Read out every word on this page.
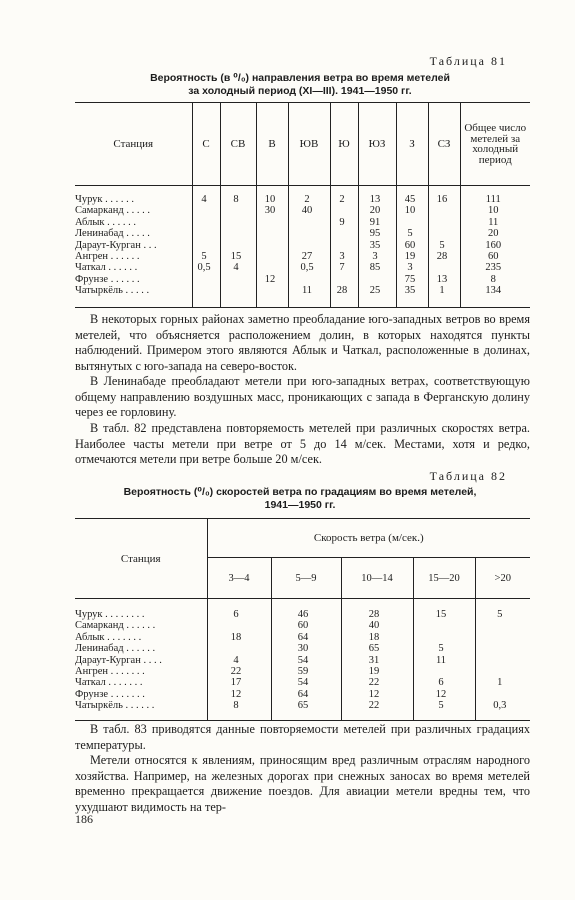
Таблица 81
Вероятность (в ⁰/₀) направления ветра во время метелей
за холодный период (XI—III). 1941—1950 гг.
Станция	С	СВ	В	ЮВ	Ю	ЮЗ	З	СЗ	Общее число метелей за холодный период

Чурук . . . . . .	4	8	10	2	2	13	45	16	111
Самарканд . . . . .			30	40		20	10		10
Аблык . . . . . .					9	91			11
Ленинабад . . . . .						95	5		20
Дараут-Курган . . .						35	60	5	160
Ангрен . . . . . .	5	15		27	3	3	19	28	60
Чаткал . . . . . .	0,5	4		0,5	7	85	3		235
Фрунзе . . . . . .			12				75	13	8
Чатыркёль . . . . .				11	28	25	35	1	134

В некоторых горных районах заметно преобладание юго-западных ветров во время метелей, что объясняется расположением долин, в которых находятся пункты наблюдений. Примером этого являются Аблык и Чаткал, расположенные в долинах, вытянутых с юго-запада на северо-восток.

В Ленинабаде преобладают метели при юго-западных ветрах, соответствующую общему направлению воздушных масс, проникающих с запада в Ферганскую долину через ее горловину.

В табл. 82 представлена повторяемость метелей при различных скоростях ветра. Наиболее часты метели при ветре от 5 до 14 м/сек. Местами, хотя и редко, отмечаются метели при ветре больше 20 м/сек.

Таблица 82
Вероятность (⁰/₀) скоростей ветра по градациям во время метелей,
1941—1950 гг.
Станция	Скорость ветра (м/сек.)				
	3—4	5—9	10—14	15—20	>20

Чурук . . . . . . . .	6	46	28	15	5
Самарканд . . . . . .		60	40		
Аблык . . . . . . .	18	64	18		
Ленинабад . . . . . .		30	65	5	
Дараут-Курган . . . .	4	54	31	11	
Ангрен . . . . . . .	22	59	19		
Чаткал . . . . . . .	17	54	22	6	1
Фрунзе . . . . . . .	12	64	12	12	
Чатыркёль . . . . . .	8	65	22	5	0,3

В табл. 83 приводятся данные повторяемости метелей при различных градациях температуры.

Метели относятся к явлениям, приносящим вред различным отраслям народного хозяйства. Например, на железных дорогах при снежных заносах во время метелей временно прекращается движение поездов. Для авиации метели вредны тем, что ухудшают видимость на тер-

186
